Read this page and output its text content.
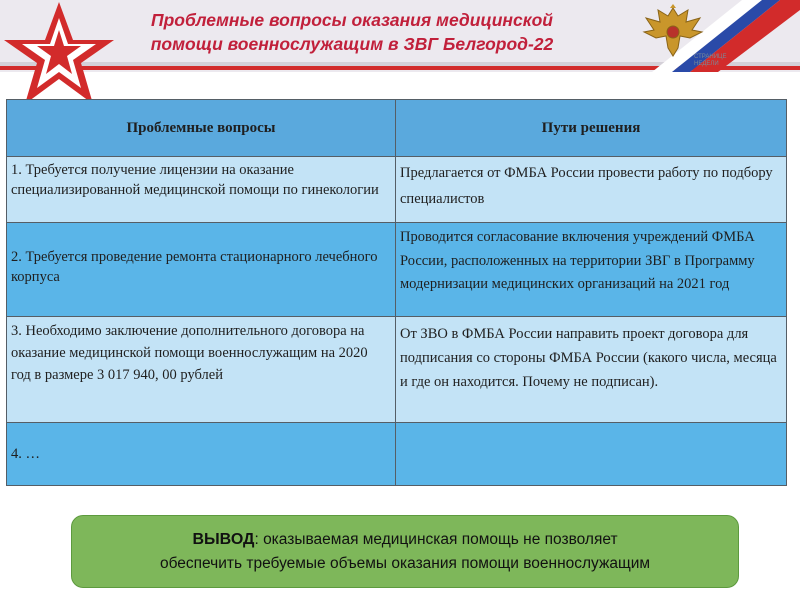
Проблемные вопросы оказания медицинской
помощи военнослужащим в ЗВГ Белгород-22
СТРАНИЦЕ
НЕДЕЛИ
Проблемные вопросы	Пути решения
1. Требуется получение лицензии на оказание специализированной медицинской помощи по гинекологии	Предлагается от ФМБА России провести работу по подбору специалистов
2. Требуется проведение ремонта стационарного лечебного корпуса	Проводится согласование включения учреждений ФМБА России, расположенных на территории ЗВГ в Программу модернизации медицинских организаций на 2021 год
3. Необходимо заключение дополнительного договора на оказание медицинской помощи военнослужащим на 2020 год в размере 3 017 940, 00 рублей	От ЗВО в ФМБА России направить проект договора для подписания со стороны ФМБА России (какого числа, месяца и где он находится. Почему не подписан).
4. …	
ВЫВОД: оказываемая медицинская помощь не позволяет
обеспечить требуемые объемы оказания помощи военнослужащим
